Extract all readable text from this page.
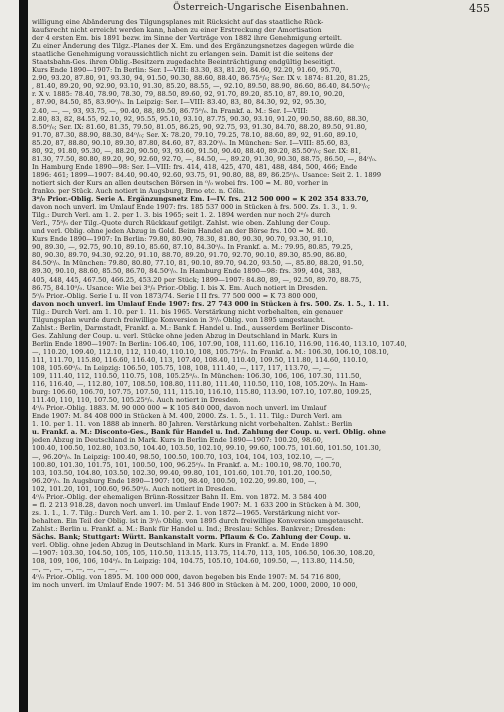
Österreich-Ungarische Eisenbahnen.	455
willigung eine Abänderung des Tilgungsplanes mit Rücksicht auf das staatliche Rück-
kaufsrecht nicht erreicht werden kann, haben zu einer Erstreckung der Amortisation
der 4 ersten Em. bis 1891 bezw. im Sinne der Verträge von 1882 ihre Genehmigung erteilt.
Zu einer Änderung des Tilgz.-Planes der X. Em. und des Ergänzungsnetzes dagegen würde die
staatliche Genehmigung voraussichtlich nicht zu erlangen sein. Damit ist die seitens der
Staatsbahn-Ges. ihren Oblig.-Besitzern zugedachte Beeinträchtigung endgültig beseitigt.
Kurs Ende 1890—1907: In Berlin: Ser. I—VIII: 83.30, 83, 81.20, 84.60, 92.20, 91.60, 95.70,
2.90, 93.20, 87.80, 91, 93.30, 94, 91.50, 90.30, 88.60, 88.40, 86.75⁰/₀; Ser. IX v. 1874: 81.20, 81.25,
, 81.40, 89.20, 90, 92.90, 93.10, 91.30, 85.20, 88.55, —, 92.10, 89.50, 88.90, 86.60, 86.40, 84.50⁰/₀;
r. X v. 1885: 78.40, 78.90, 78.30, 79, 88.50, 89.60, 92, 91.70, 89.20, 85.10, 87, 89.10, 90.20,
, 87.90, 84.50, 85, 83.90⁰/₀. In Leipzig: Ser. I—VIII: 83.40, 83, 80, 84.30, 92, 92, 95.30,
2.40, —, —, 93, 93.75, —, 90.40, 88, 89.50, 86.75⁰/₀. In Frankf. a. M.: Ser. I—VIII:
2.80, 83, 82, 84.55, 92.10, 92, 95.55, 95.10, 93.10, 87.75, 90.30, 93.10, 91.20, 90.50, 88.60, 88.30,
8.50⁰/₀; Ser. IX: 81.60, 81.35, 79.50, 81.05, 86.25, 90, 92.75, 93, 91.30, 84.70, 88.20, 89.50, 91.80,
91.70, 87.30, 88.90, 88.30, 84⁰/₀; Ser. X: 78.20, 79.10, 79.25, 78.10, 88.60, 89, 92, 91.60, 89.10,
85.20, 87, 88.80, 90.10, 89.30, 87.80, 84.60, 87, 83.20⁰/₀. In München: Ser. I—VIII: 85.60, 83,
80, 92, 91.80, 95.30, —, 88.20, 90.50, 93, 93.60, 91.50, 90.40, 88.40, 89.20, 85.50⁰/₀; Ser. IX: 81,
81.30, 77.50, 80.80, 89.20, 90, 92.60, 92.70, —, 84.50, —, 89.20, 91.30, 90.30, 88.75, 86.50, —, 84⁰/₀.
In Hamburg Ende 1890—98: Ser. I—VIII: frs. 414, 418, 425, 470, 481, 488, 484, 500, 466; Ende
1896: 461; 1899—1907: 84.40, 90.40, 92.60, 93.75, 91, 90.80, 88, 89, 86.25⁰/₀. Usance: Seit 2. 1. 1899
notiert sich der Kurs an allen deutschen Börsen in ⁰/₀ wobei frs. 100 = M. 80, vorher in
franko. per Stück. Auch notiert in Augsburg, Brno etc. n. Cöln.
3⁰/₀ Prior.-Oblig. Serie A. Ergänzungsnetz Em. I—IV. frs. 212 500 000 = K 202 354 833.70,
davon noch unverl. im Umlauf Ende 1907: frs. 185 537 000 in Stücken à frs. 500. Zs. 1. 3., 1. 9.
Tilg.: Durch Verl. am 1. 2. per 1. 3. bis 1965; seit 1. 2. 1894 werden nur noch 2⁰/₀ durch
Verl., 75⁰/₀ der Tilg.-Quote durch Rückkauf getilgt. Zahlst. wie oben. Zahlung der Coup.
und verl. Oblig. ohne jeden Abzug in Gold. Beim Handel an der Börse frs. 100 = M. 80.
Kurs Ende 1890—1907: In Berlin: 79.80, 80.90, 78.30, 81.80, 90.30, 90.70, 93.30, 91.10,
90, 89.30, —, 92.75, 90.10, 89.10, 85.60, 87.10, 84.30⁰/₀. In Frankf. a. M.: 79.95, 80.85, 79.25,
80, 90.30, 89.70, 94.30, 92.20, 91.10, 88.70, 89.20, 91.70, 92.70, 90.10, 89.30, 85.90, 86.80,
84.50⁰/₀. In München: 79.80, 80.80, 77.10, 81, 90.10, 89.70, 94.20, 93.50, —, 85.80, 88.20, 91.50,
89.30, 90.10, 88.60, 85.50, 86.70, 84.50⁰/₀. In Hamburg Ende 1890—98: frs. 399, 404, 383,
405, 448, 445, 467.50, 466.25, 453.20 per Stück; 1899—1907: 84.80, 89, —, 92.50, 89.70, 88.75,
86.75, 84.10⁰/₀. Usance: Wie bei 3⁰/₀ Prior.-Oblig. I. bis X. Em. Auch notiert in Dresden.
5⁰/₀ Prior.-Oblig. Serie I u. II von 1873/74. Serie I II frs. 77 500 000 = K 73 800 000,
davon noch unverl. im Umlauf Ende 1907: frs. 27 743 000 in Stücken à frs. 500. Zs. 1. 5., 1. 11.
Tilg.: Durch Verl. am 1. 10. per 1. 11. bis 1965. Verstärkung nicht vorbehalten, ein genauer
Tilgungsplan wurde durch freiwillige Konversion in 3⁰/₀ Oblig. von 1895 umgestaucht.
Zahlst.: Berlin, Darmstadt, Frankf. a. M.: Bank f. Handel u. Ind., ausserdem Berliner Disconto-
Ges. Zahlung der Coup. u. verl. Stücke ohne jeden Abzug in Deutschland in Mark. Kurs in
Berlin Ende 1890—1907: In Berlin: 106.40, 106, 107.90, 108, 111.60, 116.10, 116.90, 116.40, 113.10, 107.40,
—, 110.20, 109.40, 112.10, 112, 110.40, 110.10, 108, 105.75⁰/₀. In Frankf. a. M.: 106.30, 106.10, 108.10,
111, 111.70, 115.80, 116.60, 116.40, 113, 107.40, 108.40, 110.40, 109.50, 111.80, 114.60, 110.10,
108, 105.60⁰/₀. In Leipzig: 106.50, 105.75, 108, 108, 111.40, —, 117, 117, 113.70, —, —,
109, 111.40, 112, 110.50, 110.75, 108, 105.25⁰/₀. In München: 106.30, 106, 106, 107.30, 111.50,
116, 116.40, —, 112.80, 107, 108.50, 108.80, 111.80, 111.40, 110.50, 110, 108, 105.20⁰/₀. In Ham-
burg: 106.60, 106.70, 107.75, 107.50, 111, 115.10, 116.10, 115.80, 113.90, 107.10, 107.80, 109.25,
111.40, 110, 110, 107.50, 105.25⁰/₀. Auch notiert in Dresden.
4⁰/₀ Prior.-Oblig. 1883. M. 90 000 000 = K 105 840 000, davon noch unverl. im Umlauf
Ende 1907: M. 84 408 000 in Stücken à M. 400, 2000. Zs. 1. 5., 1. 11. Tilg.: Durch Verl. am
1. 10. per 1. 11. von 1888 ab innerh. 80 Jahren. Verstärkung nicht vorbehalten. Zahlst.: Berlin
u. Frankf. a. M.: Disconto-Ges., Bank für Handel u. Ind. Zahlung der Coup. u. verl. Oblig. ohne
jeden Abzug in Deutschland in Mark. Kurs in Berlin Ende 1890—1907: 100.20, 98.60,
100.40, 100.50, 102.80, 103.50, 104.40, 103.50, 102.10, 99.10, 99.60, 100.75, 101.60, 101.50, 101.30,
—, 96.20⁰/₀. In Leipzig: 100.40, 98.50, 100.50, 100.70, 103, 104, 104, 103, 102.10, —, —,
100.80, 101.30, 101.75, 101, 100.50, 100, 96.25⁰/₀. In Frankf. a. M.: 100.10, 98.70, 100.70,
103, 103.50, 104.80, 103.50, 102.30, 99.40, 99.80, 101, 101.60, 101.70, 101.20, 100.50,
96.20⁰/₀. In Augsburg Ende 1890—1907: 100, 98.40, 100.50, 102.20, 99.80, 100, —,
102, 101.20, 101, 100.60, 96.50⁰/₀. Auch notiert in Dresden.
4⁰/₀ Prior.-Oblig. der ehemaligen Brünn-Rossitzer Bahn II. Em. von 1872. M. 3 584 400
= fl. 2 213 918.28, davon noch unverl. im Umlauf Ende 1907: M. 1 633 200 in Stücken à M. 300,
zs. 1. 1., 1. 7. Tilg.: Durch Verl. am 1. 10. per 2. 1. von 1872—1965. Verstärkung nicht vor-
behalten. Ein Teil der Oblig. ist in 3⁰/₀ Oblig. von 1895 durch freiwillige Konversion umgetauscht.
Zahlst.: Berlin u. Frankf. a. M.: Bank für Handel u. Ind.; Breslau: Schles. Bankver.; Dresden:
Sächs. Bank; Stuttgart: Württ. Bankanstalt vorm. Pflaum & Co. Zahlung der Coup. u.
verl. Oblig. ohne jeden Abzug in Deutschland in Mark. Kurs in Frankf. a. M. Ende 1890
—1907: 103.30, 104.50, 105, 105, 110.50, 113.15, 113.75, 114.70, 113, 105, 106.50, 106.30, 108.20,
108, 109, 106, 106, 104⁰/₀. In Leipzig: 104, 104.75, 105.10, 104.60, 109.50, —, 113.80, 114.50,
—, —, —, —, —, —, —, —, —.
4⁰/₀ Prior.-Oblig. von 1895. M. 100 000 000, davon begeben bis Ende 1907: M. 54 716 800,
im noch unverl. im Umlauf Ende 1907: M. 51 346 800 in Stücken à M. 200, 1000, 2000, 10 000,
